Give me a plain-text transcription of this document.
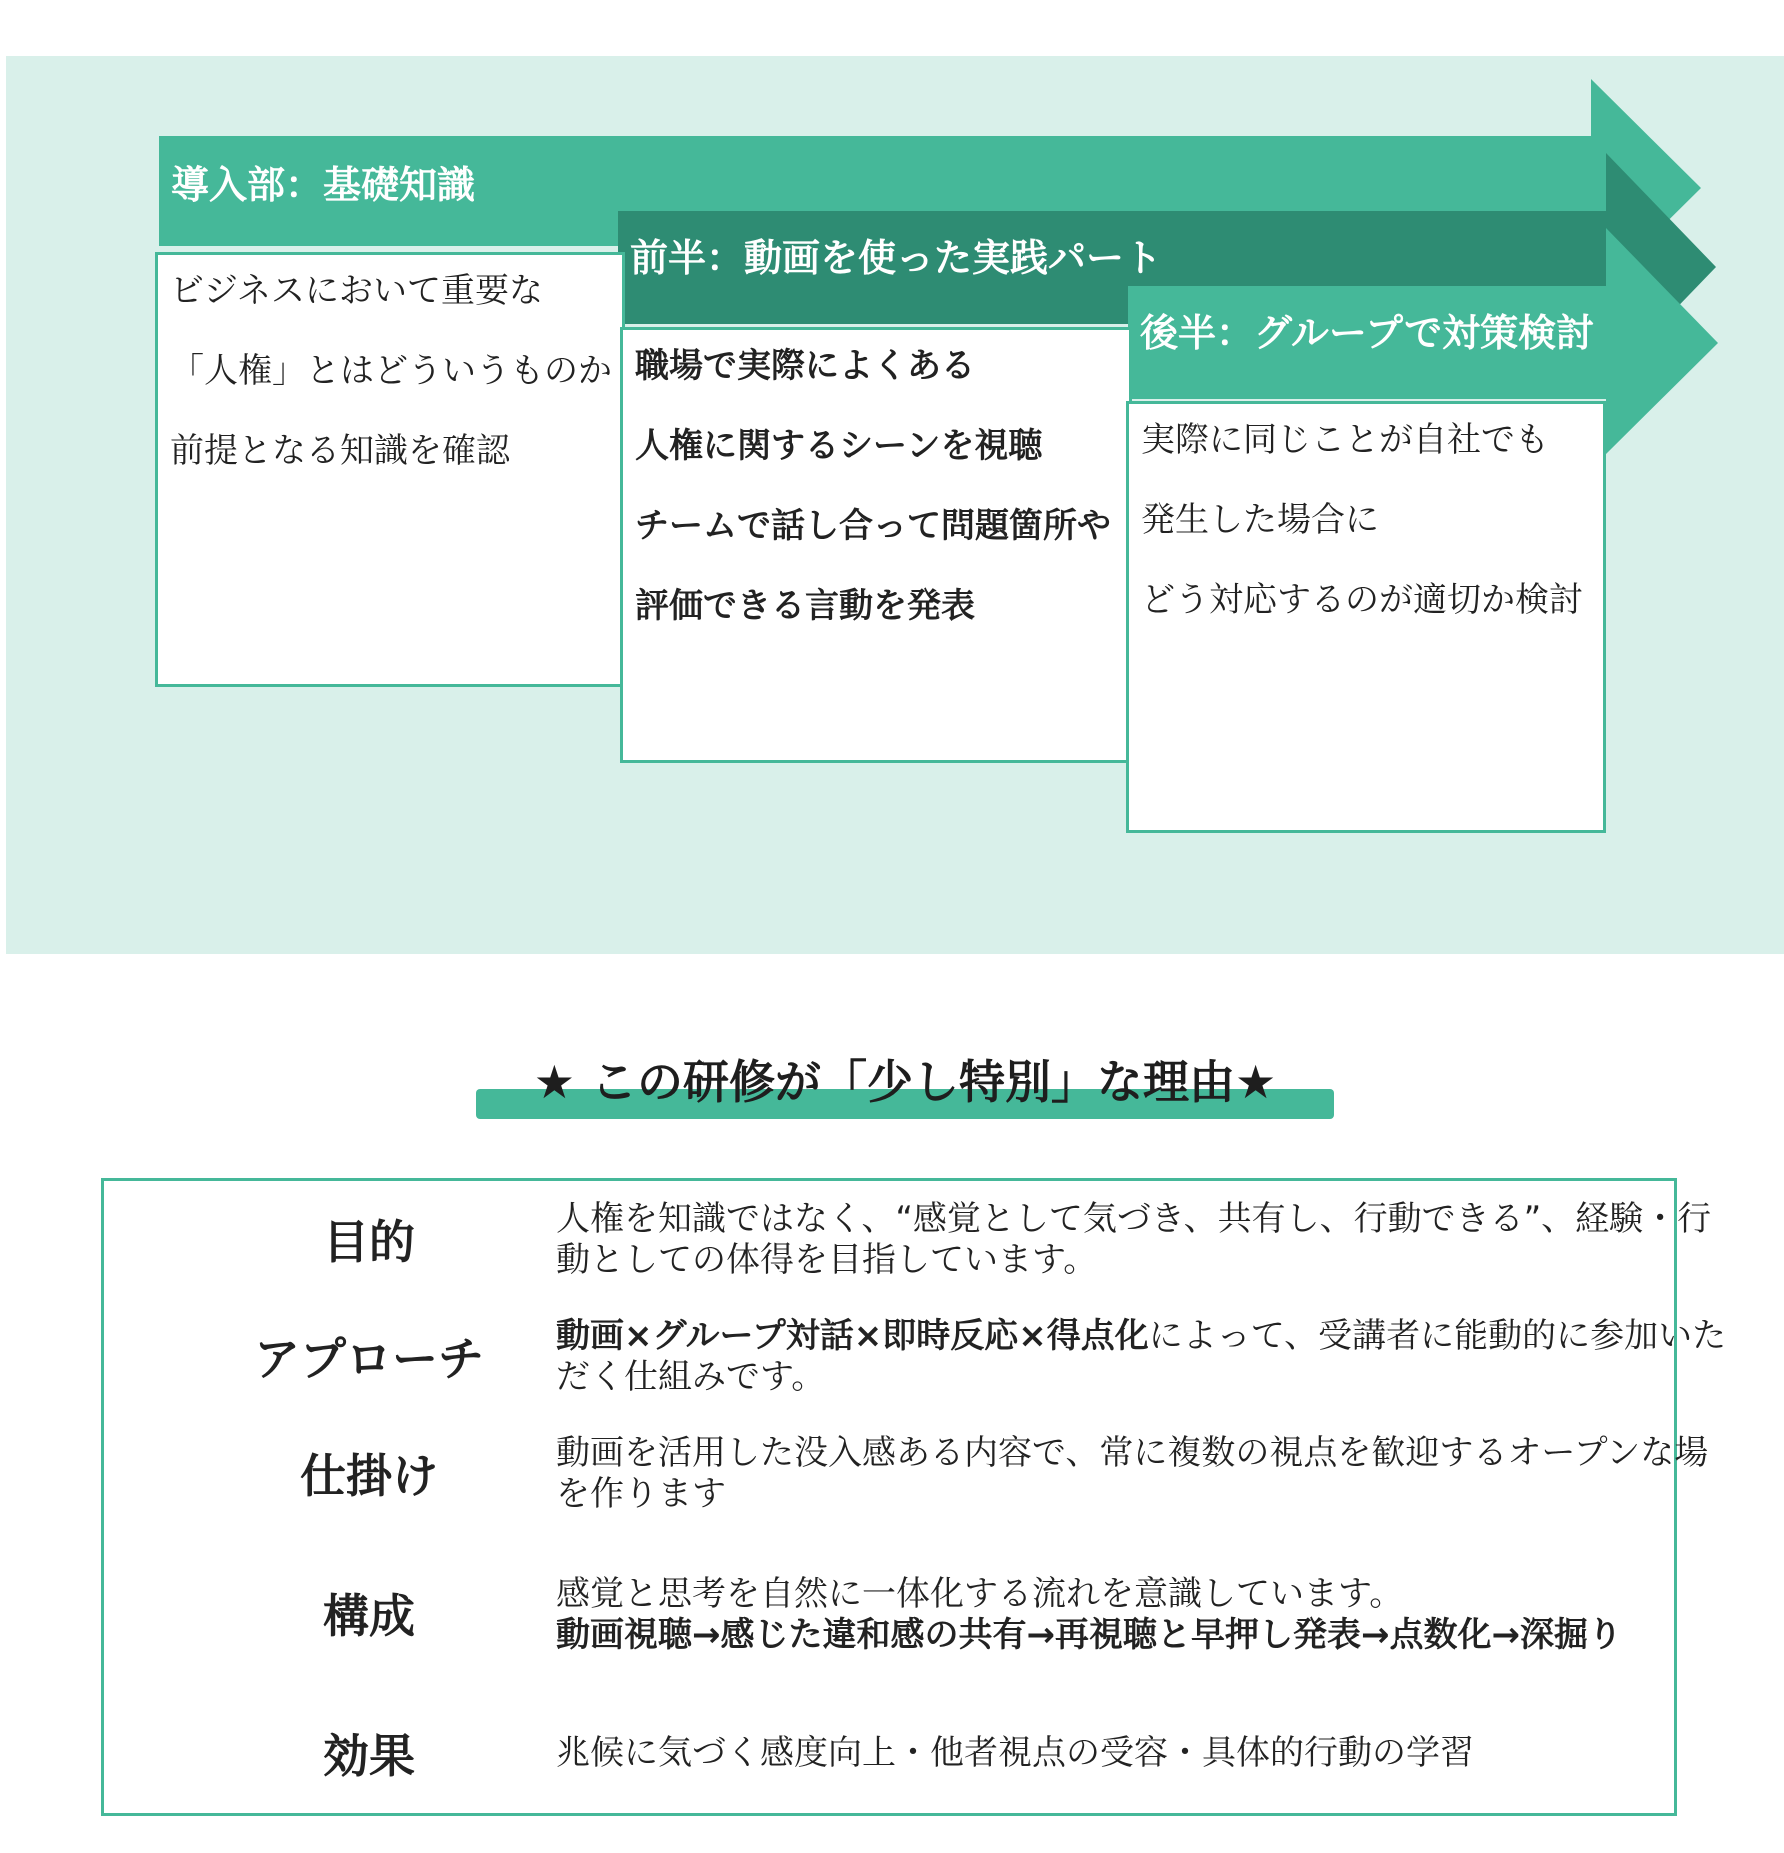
導入部：基礎知識
前半：動画を使った実践パート
後半：グループで対策検討

ビジネスにおいて重要な

「人権」とはどういうものか

前提となる知識を確認

職場で実際によくある

人権に関するシーンを視聴

チームで話し合って問題箇所や

評価できる言動を発表

実際に同じことが自社でも

発生した場合に

どう対応するのが適切か検討

★ この研修が「少し特別」な理由★
目的	人権を知識ではなく、“感覚として気づき、共有し、行動できる”、経験・行動としての体得を目指しています。

アプローチ	動画×グループ対話×即時反応×得点化によって、受講者に能動的に参加いただく仕組みです。

仕掛け	動画を活用した没入感ある内容で、常に複数の視点を歓迎するオープンな場を作ります

構成	感覚と思考を自然に一体化する流れを意識しています。

動画視聴→感じた違和感の共有→再視聴と早押し発表→点数化→深掘り

効果	兆候に気づく感度向上・他者視点の受容・具体的行動の学習
